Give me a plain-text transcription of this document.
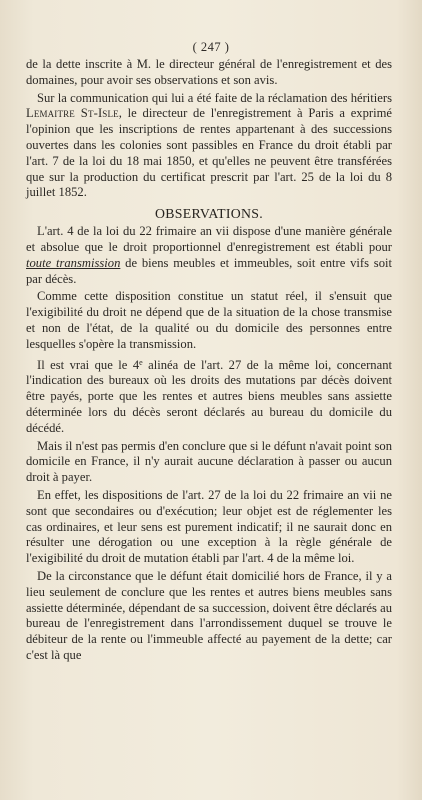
( 247 )

de la dette inscrite à M. le directeur général de l'enregistrement et des domaines, pour avoir ses observations et son avis.

Sur la communication qui lui a été faite de la réclamation des héritiers Lemaitre St-Isle, le directeur de l'enregistrement à Paris a exprimé l'opinion que les inscriptions de rentes appartenant à des successions ouvertes dans les colonies sont passibles en France du droit établi par l'art. 7 de la loi du 18 mai 1850, et qu'elles ne peuvent être transférées que sur la production du certificat prescrit par l'art. 25 de la loi du 8 juillet 1852.

OBSERVATIONS.

L'art. 4 de la loi du 22 frimaire an vii dispose d'une manière générale et absolue que le droit proportionnel d'enregistrement est établi pour toute transmission de biens meubles et immeubles, soit entre vifs soit par décès.

Comme cette disposition constitue un statut réel, il s'ensuit que l'exigibilité du droit ne dépend que de la situation de la chose transmise et non de l'état, de la qualité ou du domicile des personnes entre lesquelles s'opère la transmission.

Il est vrai que le 4e alinéa de l'art. 27 de la même loi, concernant l'indication des bureaux où les droits des mutations par décès doivent être payés, porte que les rentes et autres biens meubles sans assiette déterminée lors du décès seront déclarés au bureau du domicile du décédé.

Mais il n'est pas permis d'en conclure que si le défunt n'avait point son domicile en France, il n'y aurait aucune déclaration à passer ou aucun droit à payer.

En effet, les dispositions de l'art. 27 de la loi du 22 frimaire an vii ne sont que secondaires ou d'exécution; leur objet est de réglementer les cas ordinaires, et leur sens est purement indicatif; il ne saurait donc en résulter une dérogation ou une exception à la règle générale de l'exigibilité du droit de mutation établi par l'art. 4 de la même loi.

De la circonstance que le défunt était domicilié hors de France, il y a lieu seulement de conclure que les rentes et autres biens meubles sans assiette déterminée, dépendant de sa succession, doivent être déclarés au bureau de l'enregistrement dans l'arrondissement duquel se trouve le débiteur de la rente ou l'immeuble affecté au payement de la dette; car c'est là que
